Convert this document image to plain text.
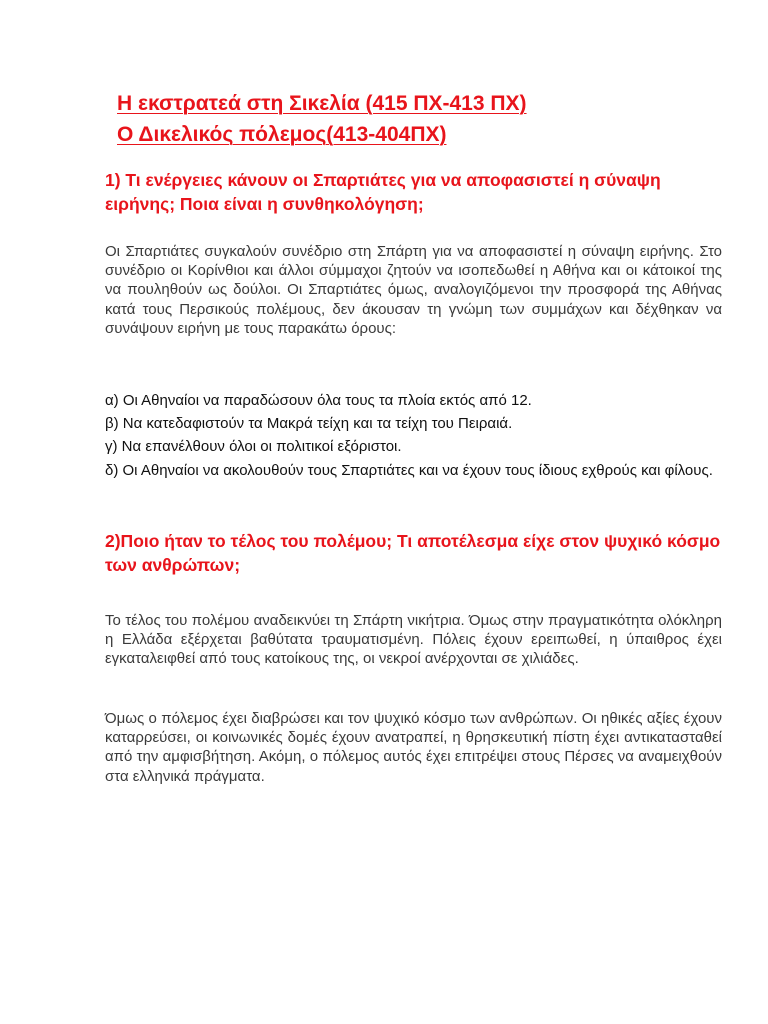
Η εκστρατεά στη Σικελία (415 ΠΧ-413 ΠΧ)
Ο Δικελικός πόλεμος(413-404ΠΧ)
1) Τι ενέργειες κάνουν οι Σπαρτιάτες για να αποφασιστεί η σύναψη ειρήνης; Ποια είναι η συνθηκολόγηση;

Οι Σπαρτιάτες συγκαλούν συνέδριο στη Σπάρτη για να αποφασιστεί η σύναψη ειρήνης. Στο συνέδριο οι Κορίνθιοι και άλλοι σύμμαχοι ζητούν να ισοπεδωθεί η Αθήνα και οι κάτοικοί της να πουληθούν ως δούλοι. Οι Σπαρτιάτες όμως, αναλογιζόμενοι την προσφορά της Αθήνας κατά τους Περσικούς πολέμους, δεν άκουσαν τη γνώμη των συμμάχων και δέχθηκαν να συνάψουν ειρήνη με τους παρακάτω όρους:

α) Οι Αθηναίοι να παραδώσουν όλα τους τα πλοία εκτός από 12.
β) Να κατεδαφιστούν τα Μακρά τείχη και τα τείχη του Πειραιά.
γ) Να επανέλθουν όλοι οι πολιτικοί εξόριστοι.
δ) Οι Αθηναίοι να ακολουθούν τους Σπαρτιάτες και να έχουν τους ίδιους εχθρούς και φίλους.
2)Ποιο ήταν το τέλος του πολέμου; Τι αποτέλεσμα είχε στον ψυχικό κόσμο των ανθρώπων;

Το τέλος του πολέμου αναδεικνύει τη Σπάρτη νικήτρια. Όμως στην πραγματικότητα ολόκληρη η Ελλάδα εξέρχεται βαθύτατα τραυματισμένη. Πόλεις έχουν ερειπωθεί, η ύπαιθρος έχει εγκαταλειφθεί από τους κατοίκους της, οι νεκροί ανέρχονται σε χιλιάδες.

Όμως ο πόλεμος έχει διαβρώσει και τον ψυχικό κόσμο των ανθρώπων. Οι ηθικές αξίες έχουν καταρρεύσει, οι κοινωνικές δομές έχουν ανατραπεί, η θρησκευτική πίστη έχει αντικατασταθεί από την αμφισβήτηση. Ακόμη, ο πόλεμος αυτός έχει επιτρέψει στους Πέρσες να αναμειχθούν στα ελληνικά πράγματα.
